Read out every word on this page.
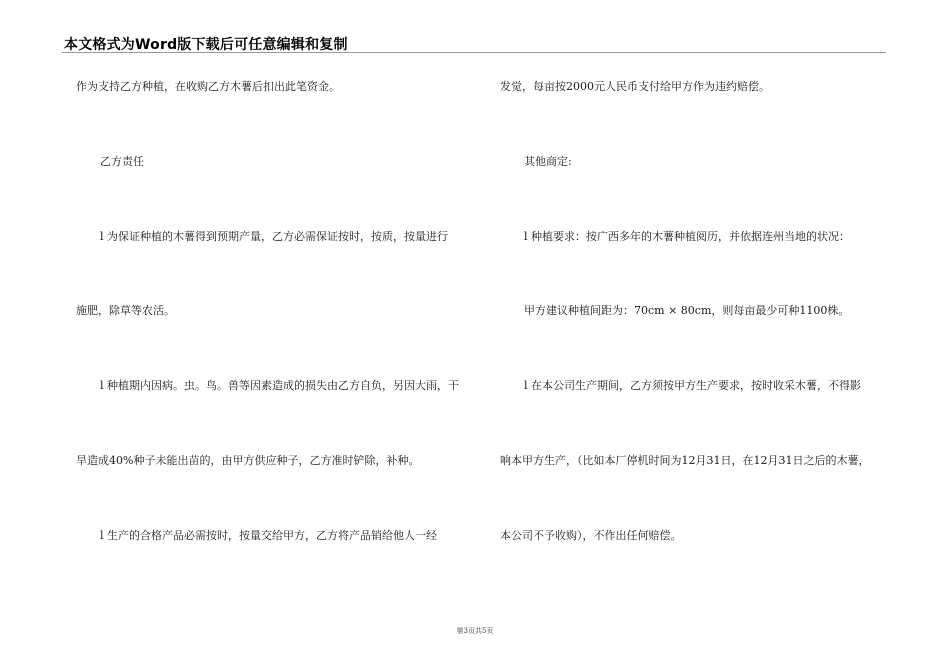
本文格式为Word版下载后可任意编辑和复制
作为支持乙方种植，在收购乙方木薯后扣出此笔资金。
乙方责任
l 为保证种植的木薯得到预期产量，乙方必需保证按时，按质，按量进行
施肥，除草等农活。
l 种植期内因病。虫。鸟。兽等因素造成的损失由乙方自负，另因大雨，干
旱造成40%种子未能出苗的，由甲方供应种子，乙方准时铲除，补种。
l 生产的合格产品必需按时，按量交给甲方，乙方将产品销给他人一经
发觉，每亩按2000元人民币支付给甲方作为违约赔偿。
其他商定:
l 种植要求：按广西多年的木薯种植阅历，并依据连州当地的状况：
甲方建议种植间距为：70cm × 80cm，则每亩最少可种1100株。
l 在本公司生产期间，乙方须按甲方生产要求，按时收采木薯，不得影
响本甲方生产，（比如本厂停机时间为12月31日，在12月31日之后的木薯，
本公司不予收购），不作出任何赔偿。
第3页共5页
